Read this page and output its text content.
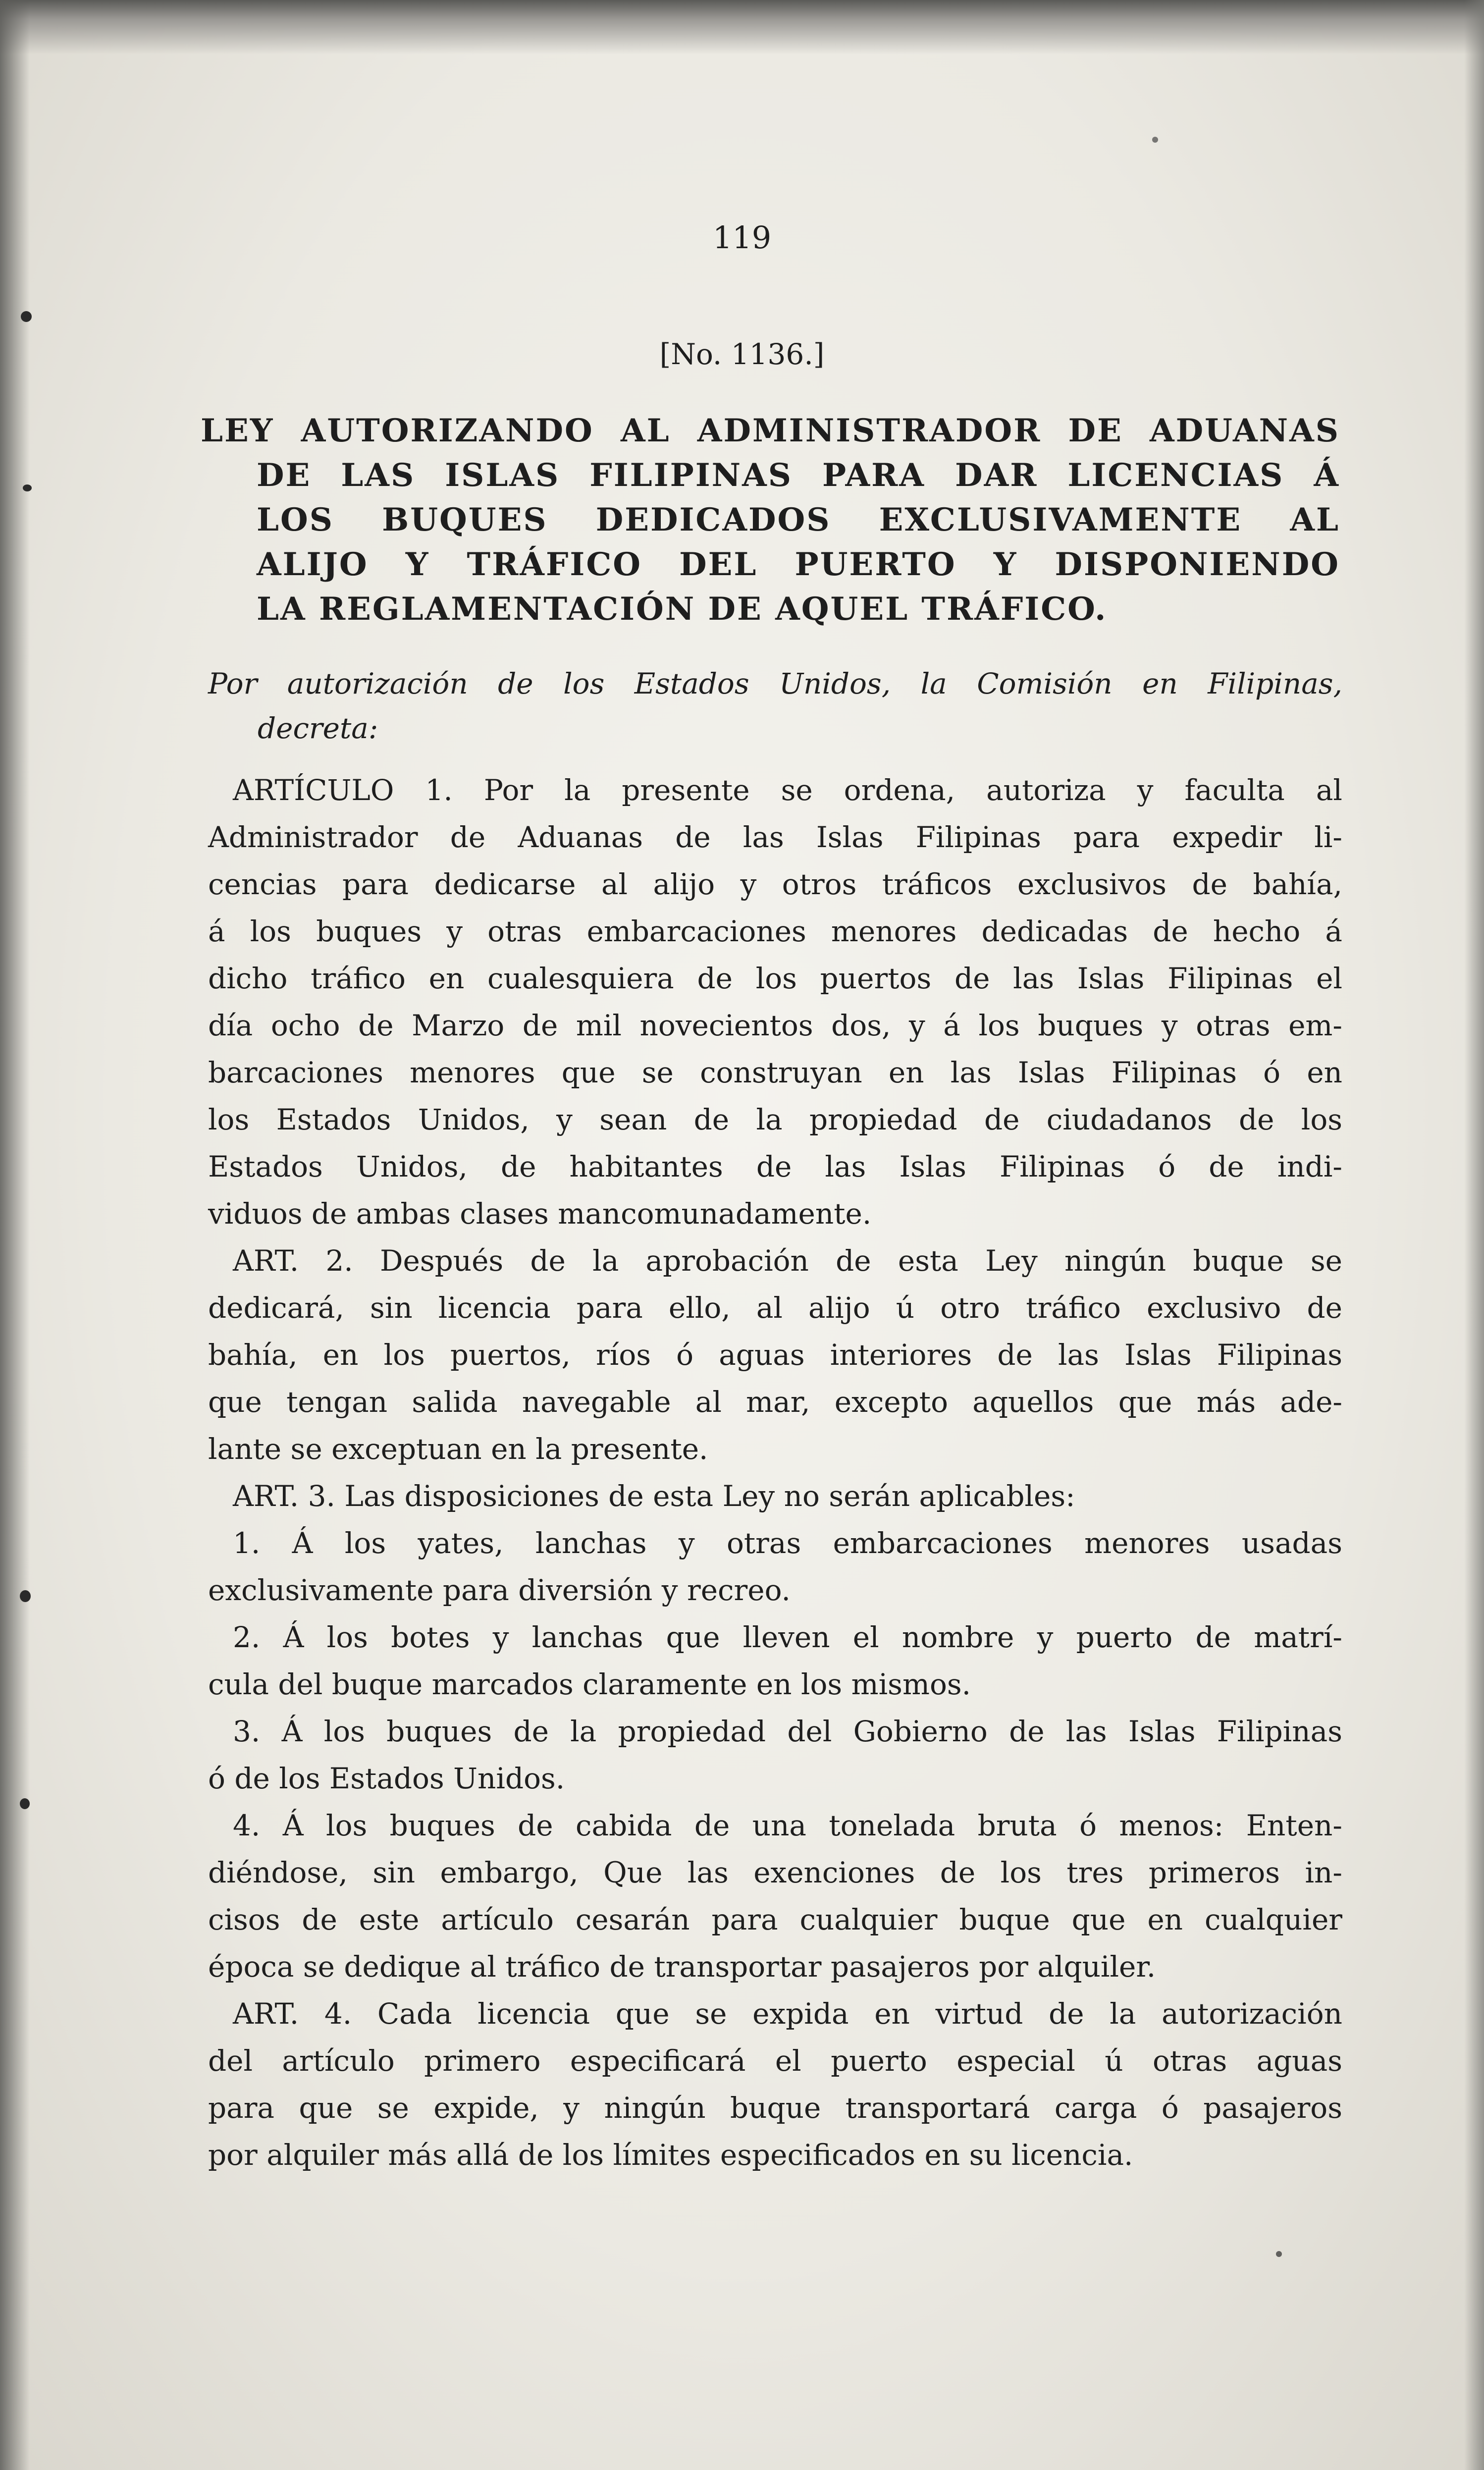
119
[No. 1136.]
LEY AUTORIZANDO AL ADMINISTRADOR DE ADUANAS
DE LAS ISLAS FILIPINAS PARA DAR LICENCIAS Á
LOS BUQUES DEDICADOS EXCLUSIVAMENTE AL
ALIJO Y TRÁFICO DEL PUERTO Y DISPONIENDO
LA REGLAMENTACIÓN DE AQUEL TRÁFICO.
Por autorización de los Estados Unidos, la Comisión en Filipinas,
decreta:
ARTÍCULO 1. Por la presente se ordena, autoriza y faculta al
Administrador de Aduanas de las Islas Filipinas para expedir li-
cencias para dedicarse al alijo y otros tráficos exclusivos de bahía,
á los buques y otras embarcaciones menores dedicadas de hecho á
dicho tráfico en cualesquiera de los puertos de las Islas Filipinas el
día ocho de Marzo de mil novecientos dos, y á los buques y otras em-
barcaciones menores que se construyan en las Islas Filipinas ó en
los Estados Unidos, y sean de la propiedad de ciudadanos de los
Estados Unidos, de habitantes de las Islas Filipinas ó de indi-
viduos de ambas clases mancomunadamente.
ART. 2. Después de la aprobación de esta Ley ningún buque se
dedicará, sin licencia para ello, al alijo ú otro tráfico exclusivo de
bahía, en los puertos, ríos ó aguas interiores de las Islas Filipinas
que tengan salida navegable al mar, excepto aquellos que más ade-
lante se exceptuan en la presente.
ART. 3. Las disposiciones de esta Ley no serán aplicables:
1. Á los yates, lanchas y otras embarcaciones menores usadas
exclusivamente para diversión y recreo.
2. Á los botes y lanchas que lleven el nombre y puerto de matrí-
cula del buque marcados claramente en los mismos.
3. Á los buques de la propiedad del Gobierno de las Islas Filipinas
ó de los Estados Unidos.
4. Á los buques de cabida de una tonelada bruta ó menos: Enten-
diéndose, sin embargo, Que las exenciones de los tres primeros in-
cisos de este artículo cesarán para cualquier buque que en cualquier
época se dedique al tráfico de transportar pasajeros por alquiler.
ART. 4. Cada licencia que se expida en virtud de la autorización
del artículo primero especificará el puerto especial ú otras aguas
para que se expide, y ningún buque transportará carga ó pasajeros
por alquiler más allá de los límites especificados en su licencia.
